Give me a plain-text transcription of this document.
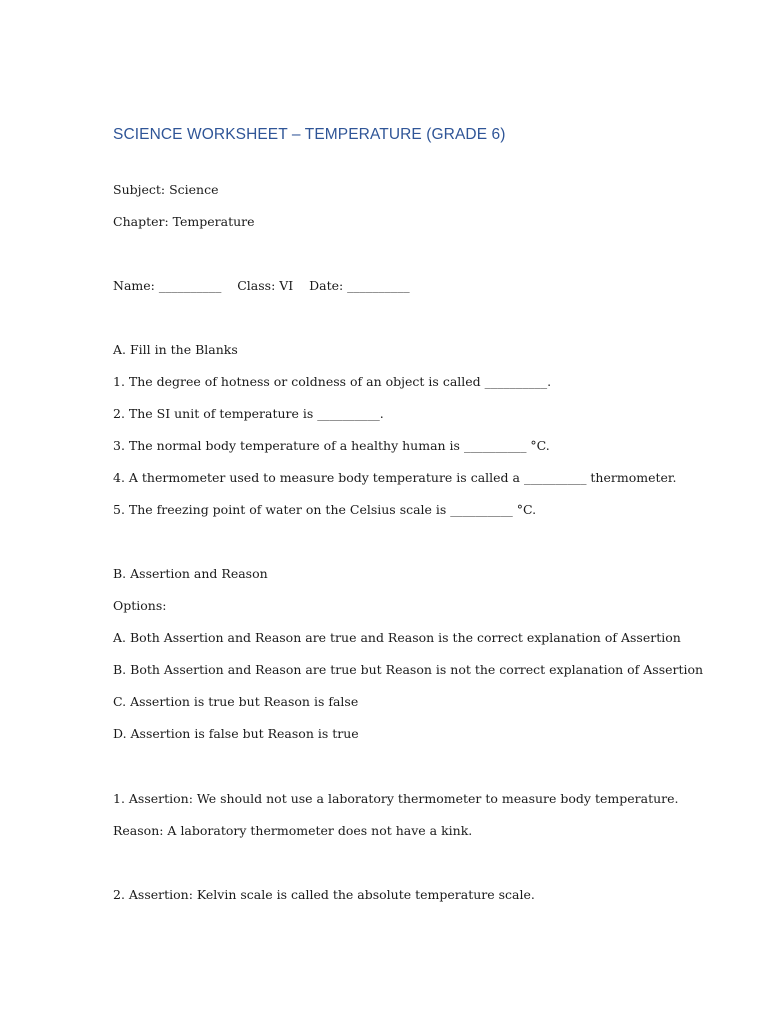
SCIENCE WORKSHEET – TEMPERATURE (GRADE 6)
Subject: Science
Chapter: Temperature
Name: __________    Class: VI    Date: __________
A. Fill in the Blanks
1. The degree of hotness or coldness of an object is called __________.
2. The SI unit of temperature is __________.
3. The normal body temperature of a healthy human is __________ °C.
4. A thermometer used to measure body temperature is called a __________ thermometer.
5. The freezing point of water on the Celsius scale is __________ °C.
B. Assertion and Reason
Options:
A. Both Assertion and Reason are true and Reason is the correct explanation of Assertion
B. Both Assertion and Reason are true but Reason is not the correct explanation of Assertion
C. Assertion is true but Reason is false
D. Assertion is false but Reason is true
1. Assertion: We should not use a laboratory thermometer to measure body temperature.
Reason: A laboratory thermometer does not have a kink.
2. Assertion: Kelvin scale is called the absolute temperature scale.
